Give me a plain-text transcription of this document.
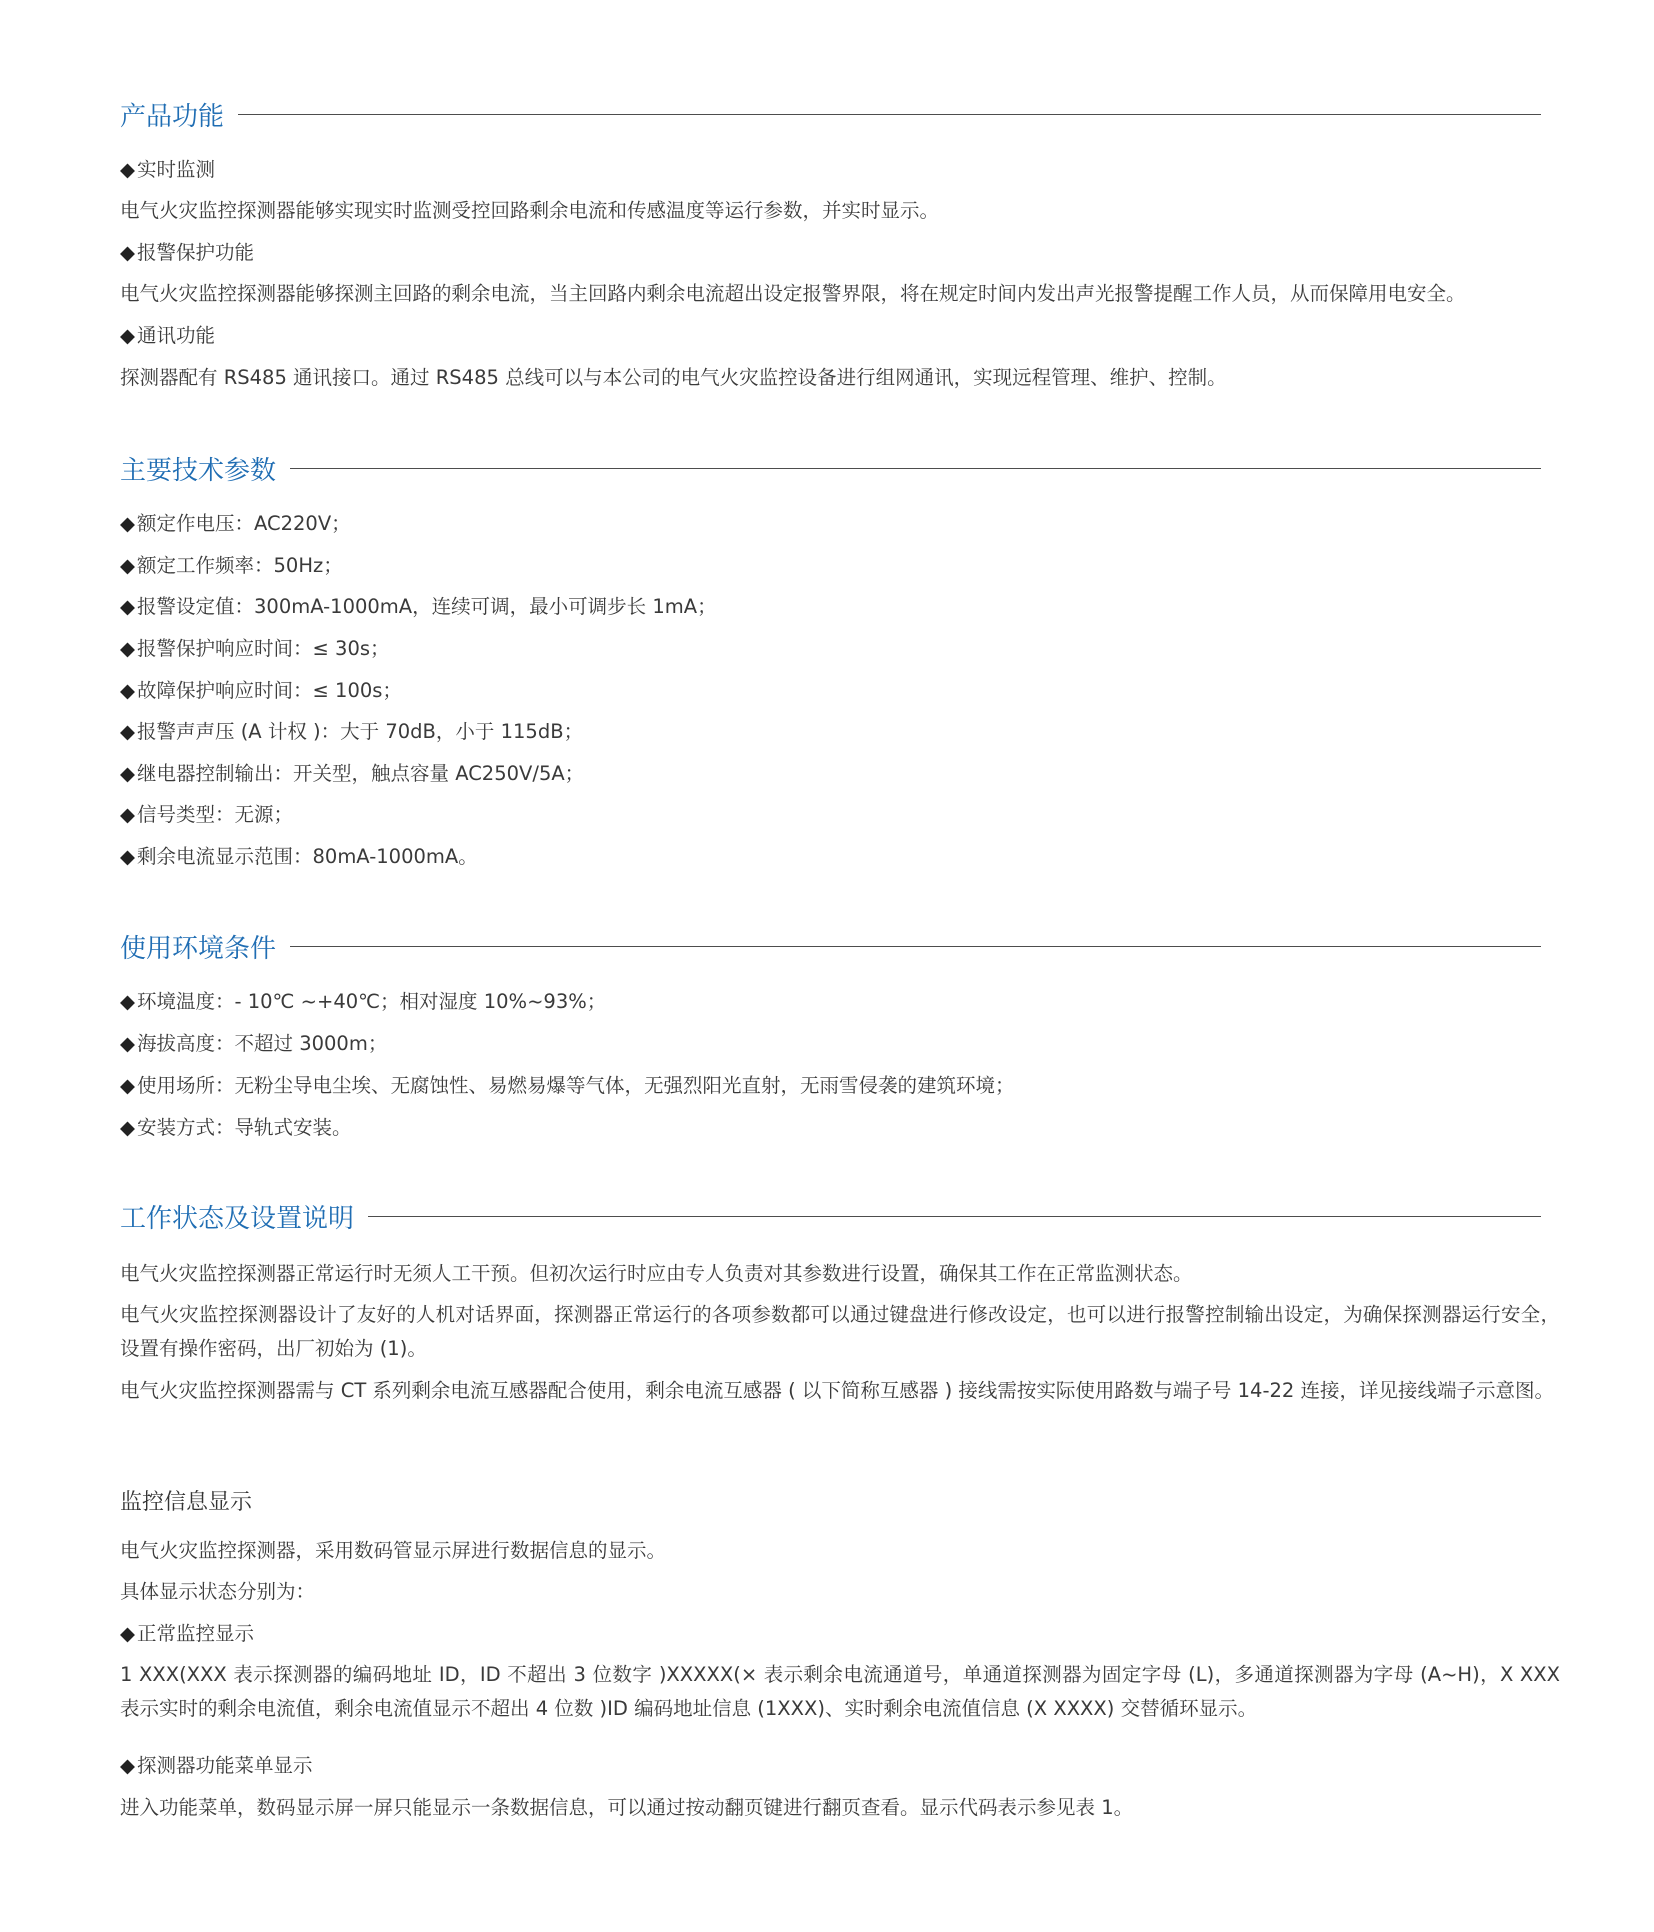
产品功能
◆ 实时监测
电气火灾监控探测器能够实现实时监测受控回路剩余电流和传感温度等运行参数，并实时显示。
◆ 报警保护功能
电气火灾监控探测器能够探测主回路的剩余电流，当主回路内剩余电流超出设定报警界限，将在规定时间内发出声光报警提醒工作人员，从而保障用电安全。
◆ 通讯功能
探测器配有 RS485 通讯接口。通过 RS485 总线可以与本公司的电气火灾监控设备进行组网通讯，实现远程管理、维护、控制。
主要技术参数
◆ 额定作电压：AC220V；
◆ 额定工作频率：50Hz；
◆ 报警设定值：300mA-1000mA，连续可调，最小可调步长 1mA；
◆ 报警保护响应时间：≤ 30s；
◆ 故障保护响应时间：≤ 100s；
◆ 报警声声压 (A 计权 )：大于 70dB，小于 115dB；
◆ 继电器控制输出：开关型，触点容量 AC250V/5A；
◆ 信号类型：无源；
◆ 剩余电流显示范围：80mA-1000mA。
使用环境条件
◆ 环境温度：- 10℃ ~+40℃；相对湿度 10%~93%；
◆ 海拔高度：不超过 3000m；
◆ 使用场所：无粉尘导电尘埃、无腐蚀性、易燃易爆等气体，无强烈阳光直射，无雨雪侵袭的建筑环境；
◆ 安装方式：导轨式安装。
工作状态及设置说明
电气火灾监控探测器正常运行时无须人工干预。但初次运行时应由专人负责对其参数进行设置，确保其工作在正常监测状态。
电气火灾监控探测器设计了友好的人机对话界面，探测器正常运行的各项参数都可以通过键盘进行修改设定，也可以进行报警控制输出设定，为确保探测器运行安全，设置有操作密码，出厂初始为 (1)。
电气火灾监控探测器需与 CT 系列剩余电流互感器配合使用，剩余电流互感器 ( 以下简称互感器 ) 接线需按实际使用路数与端子号 14-22 连接，详见接线端子示意图。
监控信息显示
电气火灾监控探测器，采用数码管显示屏进行数据信息的显示。
具体显示状态分别为：
◆ 正常监控显示
1 XXX(XXX 表示探测器的编码地址 ID，ID 不超出 3 位数字 )XXXXX(× 表示剩余电流通道号，单通道探测器为固定字母 (L)，多通道探测器为字母 (A~H)，X XXX 表示实时的剩余电流值，剩余电流值显示不超出 4 位数 )ID 编码地址信息 (1XXX)、实时剩余电流值信息 (X XXXX) 交替循环显示。
◆ 探测器功能菜单显示
进入功能菜单，数码显示屏一屏只能显示一条数据信息，可以通过按动翻页键进行翻页查看。显示代码表示参见表 1。
